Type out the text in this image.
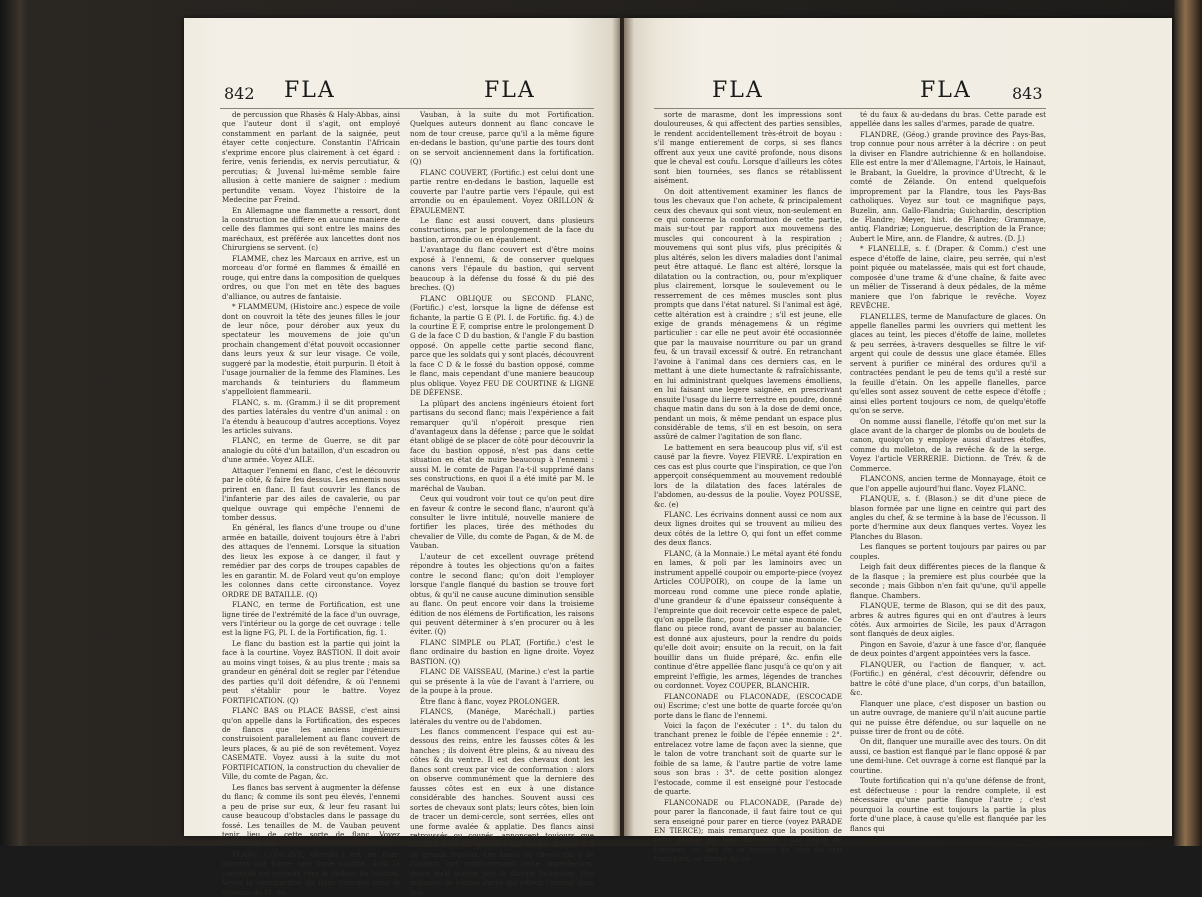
842 FLA	FLA

de percussion que Rhasès & Haly-Abbas, ainsi que l'auteur dont il s'agit, ont employé constamment en parlant de la saignée, peut étayer cette conjecture. Constantin l'Africain s'exprime encore plus clairement à cet égard : ferire, venis feriendis, ex nervis percutiatur, & percutias; & Juvenal lui-même semble faire allusion à cette maniere de saigner : medium pertundite venam. Voyez l'histoire de la Medecine par Freind.

En Allemagne une flammette a ressort, dont la construction ne differe en aucune maniere de celle des flammes qui sont entre les mains des maréchaux, est préférée aux lancettes dont nos Chirurgiens se servent. (c)

FLAMME, chez les Marcaux en arrive, est un morceau d'or formé en flammes & émaillé en rouge, qui entre dans la composition de quelques ordres, ou que l'on met en tête des bagues d'alliance, ou autres de fantaisie.

* FLAMMEUM, (Histoire anc.) espece de voile dont on couvroit la tête des jeunes filles le jour de leur nôce, pour dérober aux yeux du spectateur les mouvemens de joie qu'un prochain changement d'état pouvoit occasionner dans leurs yeux & sur leur visage. Ce voile, suggeré par la modestie, étoit purpurin. Il étoit à l'usage journalier de la femme des Flamines. Les marchands & teinturiers du flammeum s'appelloient flammearii.

FLANC, s. m. (Gramm.) il se dit proprement des parties latérales du ventre d'un animal : on l'a étendu à beaucoup d'autres acceptions. Voyez les articles suivans.

FLANC, en terme de Guerre, se dit par analogie du côté d'un bataillon, d'un escadron ou d'une armée. Voyez AILE.

Attaquer l'ennemi en flanc, c'est le découvrir par le côté, & faire feu dessus. Les ennemis nous prirent en flanc. Il faut couvrir les flancs de l'infanterie par des ailes de cavalerie, ou par quelque ouvrage qui empêche l'ennemi de tomber dessus.

En général, les flancs d'une troupe ou d'une armée en bataille, doivent toujours être à l'abri des attaques de l'ennemi. Lorsque la situation des lieux les expose à ce danger, il faut y remédier par des corps de troupes capables de les en garantir. M. de Folard veut qu'on employe les colonnes dans cette circonstance. Voyez ORDRE DE BATAILLE. (Q)

FLANC, en terme de Fortification, est une ligne tirée de l'extrémité de la face d'un ouvrage, vers l'intérieur ou la gorge de cet ouvrage : telle est la ligne FG, Pl. I. de la Fortification, fig. 1.

Le flanc du bastion est la partie qui joint la face à la courtine. Voyez BASTION. Il doit avoir au moins vingt toises, & au plus trente ; mais sa grandeur en général doit se regler par l'étendue des parties qu'il doit défendre, & où l'ennemi peut s'établir pour le battre. Voyez FORTIFICATION. (Q)

FLANC BAS ou PLACE BASSE, c'est ainsi qu'on appelle dans la Fortification, des especes de flancs que les anciens ingénieurs construisoient parallelement au flanc couvert de leurs places, & au pié de son revêtement. Voyez CASEMATE. Voyez aussi à la suite du mot FORTIFICATION, la construction du chevalier de Ville, du comte de Pagan, &c.

Les flancs bas servent à augmenter la défense du flanc; & comme ils sont peu élevés, l'ennemi a peu de prise sur eux, & leur feu rasant lui cause beaucoup d'obstacles dans le passage du fossé. Les tenailles de M. de Vauban peuvent tenir lieu de cette sorte de flanc. Voyez TENAILLE. (Q)

FLANC CONCAVE, (Fortific.) est un flanc convert qui forme une ligne courbe, dont la convexité est tournée vers le dedans du bastion. Voyez la construction du flanc concave dans le système de M. de

Vauban, à la suite du mot Fortification. Quelques auteurs donnent au flanc concave le nom de tour creuse, parce qu'il a la même figure en-dedans le bastion, qu'une partie des tours dont on se servoit anciennement dans la fortification. (Q)

FLANC COUVERT, (Fortific.) est celui dont une partie rentre en-dedans le bastion, laquelle est couverte par l'autre partie vers l'épaule, qui est arrondie ou en épaulement. Voyez ORILLON & ÉPAULEMENT.

Le flanc est aussi couvert, dans plusieurs constructions, par le prolongement de la face du bastion, arrondie ou en épaulement.

L'avantage du flanc couvert est d'être moins exposé à l'ennemi, & de conserver quelques canons vers l'épaule du bastion, qui servent beaucoup à la défense du fossé & du pié des breches. (Q)

FLANC OBLIQUE ou SECOND FLANC, (Fortific.) c'est, lorsque la ligne de défense est fichante, la partie G E (Pl. I. de Fortific. fig. 4.) de la courtine E F, comprise entre le prolongement D G de la face C D du bastion, & l'angle F du bastion opposé. On appelle cette partie second flanc, parce que les soldats qui y sont placés, découvrent la face C D & le fossé du bastion opposé, comme le flanc, mais cependant d'une maniere beaucoup plus oblique. Voyez FEU DE COURTINE & LIGNE DE DÉFENSE.

La plûpart des anciens ingénieurs étoient fort partisans du second flanc; mais l'expérience a fait remarquer qu'il n'opéroit presque rien d'avantageux dans la défense ; parce que le soldat étant obligé de se placer de côté pour découvrir la face du bastion opposé, n'est pas dans cette situation en état de nuire beaucoup à l'ennemi : aussi M. le comte de Pagan l'a-t-il supprimé dans ses constructions, en quoi il a été imité par M. le maréchal de Vauban.

Ceux qui voudront voir tout ce qu'on peut dire en faveur & contre le second flanc, n'auront qu'à consulter le livre intitulé, nouvelle maniere de fortifier les places, tirée des méthodes du chevalier de Ville, du comte de Pagan, & de M. de Vauban.

L'auteur de cet excellent ouvrage prétend répondre à toutes les objections qu'on a faites contre le second flanc; qu'on doit l'employer lorsque l'angle flanqué du bastion se trouve fort obtus, & qu'il ne cause aucune diminution sensible au flanc. On peut encore voir dans la troisieme édition de nos élémens de Fortification, les raisons qui peuvent déterminer à s'en procurer ou à les éviter. (Q)

FLANC SIMPLE ou PLAT, (Fortific.) c'est le flanc ordinaire du bastion en ligne droite. Voyez BASTION. (Q)

FLANC DE VAISSEAU, (Marine.) c'est la partie qui se présente à la vûe de l'avant à l'arriere, ou de la poupe à la proue.

Être flanc à flanc, voyez PROLONGER.

FLANCS, (Manége, Maréchall.) parties latérales du ventre ou de l'abdomen.

Les flancs commencent l'espace qui est au-dessous des reins, entre les fausses côtes & les hanches ; ils doivent être pleins, & au niveau des côtes & du ventre. Il est des chevaux dont les flancs sont creux par vice de conformation : alors on observe communément que la derniere des fausses côtes est en eux à une distance considérable des hanches. Souvent aussi ces sortes de chevaux sont plats; leurs côtes, bien loin de tracer un demi-cercle, sont serrées, elles ont une forme avalée & applatie. Des flancs ainsi retroussés ou coupés, annoncent toujours que l'animal n'est pas propre à une longue fatigue & à de grands travaux. Les flancs du cheval qui a de l'ardeur, ont ordinairement cette imperfection, parce qu'il mange peu & dissipe beaucoup. Des maladies de longue durée qui jettent l'animal dans une

FLA	FLA	843

sorte de marasme, dont les impressions sont douloureuses, & qui affectent des parties sensibles, le rendent accidentellement très-étroit de boyau : s'il mange entierement de corps, si ses flancs offrent aux yeux une cavité profonde, nous disons que le cheval est coufu. Lorsque d'ailleurs les côtes sont bien tournées, ses flancs se rétablissent aisément.

On doit attentivement examiner les flancs de tous les chevaux que l'on achete, & principalement ceux des chevaux qui sont vieux, non-seulement en ce qui concerne la conformation de cette partie, mais sur-tout par rapport aux mouvemens des muscles qui concourent à la respiration ; mouvemens qui sont plus vifs, plus précipités & plus altérés, selon les divers maladies dont l'animal peut être attaqué. Le flanc est altéré, lorsque la dilatation ou la contraction, ou, pour m'expliquer plus clairement, lorsque le soulevement ou le resserrement de ces mêmes muscles sont plus prompts que dans l'état naturel. Si l'animal est âgé, cette altération est à craindre ; s'il est jeune, elle exige de grands ménagemens & un régime particulier : car elle ne peut avoir été occasionnée que par la mauvaise nourriture ou par un grand feu, & un travail excessif & outré. En retranchant l'avoine à l'animal dans ces derniers cas, en le mettant à une diete humectante & rafraîchissante, en lui administrant quelques lavemens émolliens, en lui faisant une legere saignée, en prescrivant ensuite l'usage du lierre terrestre en poudre, donné chaque matin dans du son à la dose de demi once, pendant un mois, & même pendant un espace plus considérable de tems, s'il en est besoin, on sera assûré de calmer l'agitation de son flanc.

Le battement en sera beaucoup plus vif, s'il est causé par la fievre. Voyez FIEVRE. L'expiration en ces cas est plus courte que l'inspiration, ce que l'on apperçoit conséquemment au mouvement redoublé lors de la dilatation des faces latérales de l'abdomen, au-dessus de la poulie. Voyez POUSSE, &c. (e)

FLANC. Les écrivains donnent aussi ce nom aux deux lignes droites qui se trouvent au milieu des deux côtés de la lettre O, qui font un effet comme des deux flancs.

FLANC, (à la Monnaie.) Le métal ayant été fondu en lames, & poli par les laminoirs avec un instrument appellé coupoir ou emporte-piece (voyez Articles COUPOIR), on coupe de la lame un morceau rond comme une piece ronde aplatie, d'une grandeur & d'une épaisseur conséquente à l'empreinte que doit recevoir cette espece de palet, qu'on appelle flanc, pour devenir une monnoie. Ce flanc ou piece rond, avant de passer au balancier, est donné aux ajusteurs, pour la rendre du poids qu'elle doit avoir; ensuite on la recuit, on la fait bouillir dans un fluide préparé, &c. enfin elle continue d'être appellée flanc jusqu'à ce qu'on y ait empreint l'effigie, les armes, légendes de tranches ou cordonnet. Voyez COUPER, BLANCHIR.

FLANCONADE ou FLACONADE, (ESCOCADE ou) Escrime; c'est une botte de quarte forcée qu'on porte dans le flanc de l'ennemi.

Voici la façon de l'exécuter : 1°. du talon du tranchant prenez le foible de l'épée ennemie : 2°. entrelacez votre lame de façon avec la sienne, que le talon de votre tranchant soit de quarte sur le foible de sa lame, & l'autre partie de votre lame sous son bras : 3°. de cette position alongez l'estocade, comme il est enseigné pour l'estocade de quarte.

FLANCONADE ou FLACONADE, (Parade de) pour parer la flanconade, il faut faire tout ce qui sera enseigné pour parer en tierce (voyez PARADE EN TIERCE); mais remarquez que la position de cette parade est bien différente : car l'épée de l'ennemi, au lieu de se trouver du côté du vrai tranchant, se trouve du cô-

té du faux & au-dedans du bras. Cette parade est appellée dans les salles d'armes, parade de quatre.

FLANDRE, (Géog.) grande province des Pays-Bas, trop connue pour nous arrêter à la décrire : on peut la diviser en Flandre autrichienne & en hollandoise. Elle est entre la mer d'Allemagne, l'Artois, le Hainaut, le Brabant, la Gueldre, la province d'Utrecht, & le comté de Zélande. On entend quelquefois improprement par la Flandre, tous les Pays-Bas catholiques. Voyez sur tout ce magnifique pays, Buzelin, ann. Gallo-Flandria; Guichardin, description de Flandre; Meyer, hist. de Flandre; Grammaye, antiq. Flandriæ; Longuerue, description de la France; Aubert le Mire, ann. de Flandre, & autres. (D. J.)

* FLANELLE, s. f. (Draper. & Comm.) c'est une espece d'étoffe de laine, claire, peu serrée, qui n'est point piquée ou matelassée, mais qui est fort chaude, composée d'une trame & d'une chaîne, & faite avec un mêlier de Tisserand à deux pédales, de la même maniere que l'on fabrique le revêche. Voyez REVÊCHE.

FLANELLES, terme de Manufacture de glaces. On appelle flanelles parmi les ouvriers qui mettent les glaces au teint, les pieces d'étoffe de laine, molletes & peu serrées, à-travers desquelles se filtre le vif-argent qui coule de dessus une glace étamée. Elles servent à purifier ce minéral des ordures qu'il a contractées pendant le peu de tems qu'il a resté sur la feuille d'étain. On les appelle flanelles, parce qu'elles sont assez souvent de cette espece d'étoffe ; ainsi elles portent toujours ce nom, de quelqu'étoffe qu'on se serve.

On nomme aussi flanelle, l'étoffe qu'on met sur la glace avant de la charger de plombs ou de boulets de canon, quoiqu'on y employe aussi d'autres étoffes, comme du molleton, de la revêche & de la serge. Voyez l'article VERRERIE. Dictionn. de Trév. & de Commerce.

FLANCONS, ancien terme de Monnayage, étoit ce que l'on appelle aujourd'hui flanc. Voyez FLANC.

FLANQUE, s. f. (Blason.) se dit d'une piece de blason formée par une ligne en ceintre qui part des angles du chef, & se termine à la base de l'écusson. Il porte d'hermine aux deux flanques vertes. Voyez les Planches du Blason.

Les flanques se portent toujours par paires ou par couples.

Leigh fait deux différentes pieces de la flanque & de la flasque ; la premiere est plus courbée que la seconde ; mais Gibbon n'en fait qu'une, qu'il appelle flanque. Chambers.

FLANQUE, terme de Blason, qui se dit des paux, arbres & autres figures qui en ont d'autres à leurs côtés. Aux armoiries de Sicile, les paux d'Arragon sont flanqués de deux aigles.

Pingon en Savoie, d'azur à une fasce d'or, flanquée de deux pointes d'argent appointées vers la fasce.

FLANQUER, ou l'action de flanquer, v. act. (Fortific.) en général, c'est découvrir, défendre ou battre le côté d'une place, d'un corps, d'un bataillon, &c.

Flanquer une place, c'est disposer un bastion ou un autre ouvrage, de maniere qu'il n'ait aucune partie qui ne puisse être défendue, ou sur laquelle on ne puisse tirer de front ou de côté.

On dit, flanquer une muraille avec des tours. On dit aussi, ce bastion est flanqué par le flanc opposé & par une demi-lune. Cet ouvrage à corne est flanqué par la courtine.

Toute fortification qui n'a qu'une défense de front, est défectueuse : pour la rendre complete, il est nécessaire qu'une partie flanque l'autre ; c'est pourquoi la courtine est toujours la partie la plus forte d'une place, à cause qu'elle est flanquée par les flancs qui
